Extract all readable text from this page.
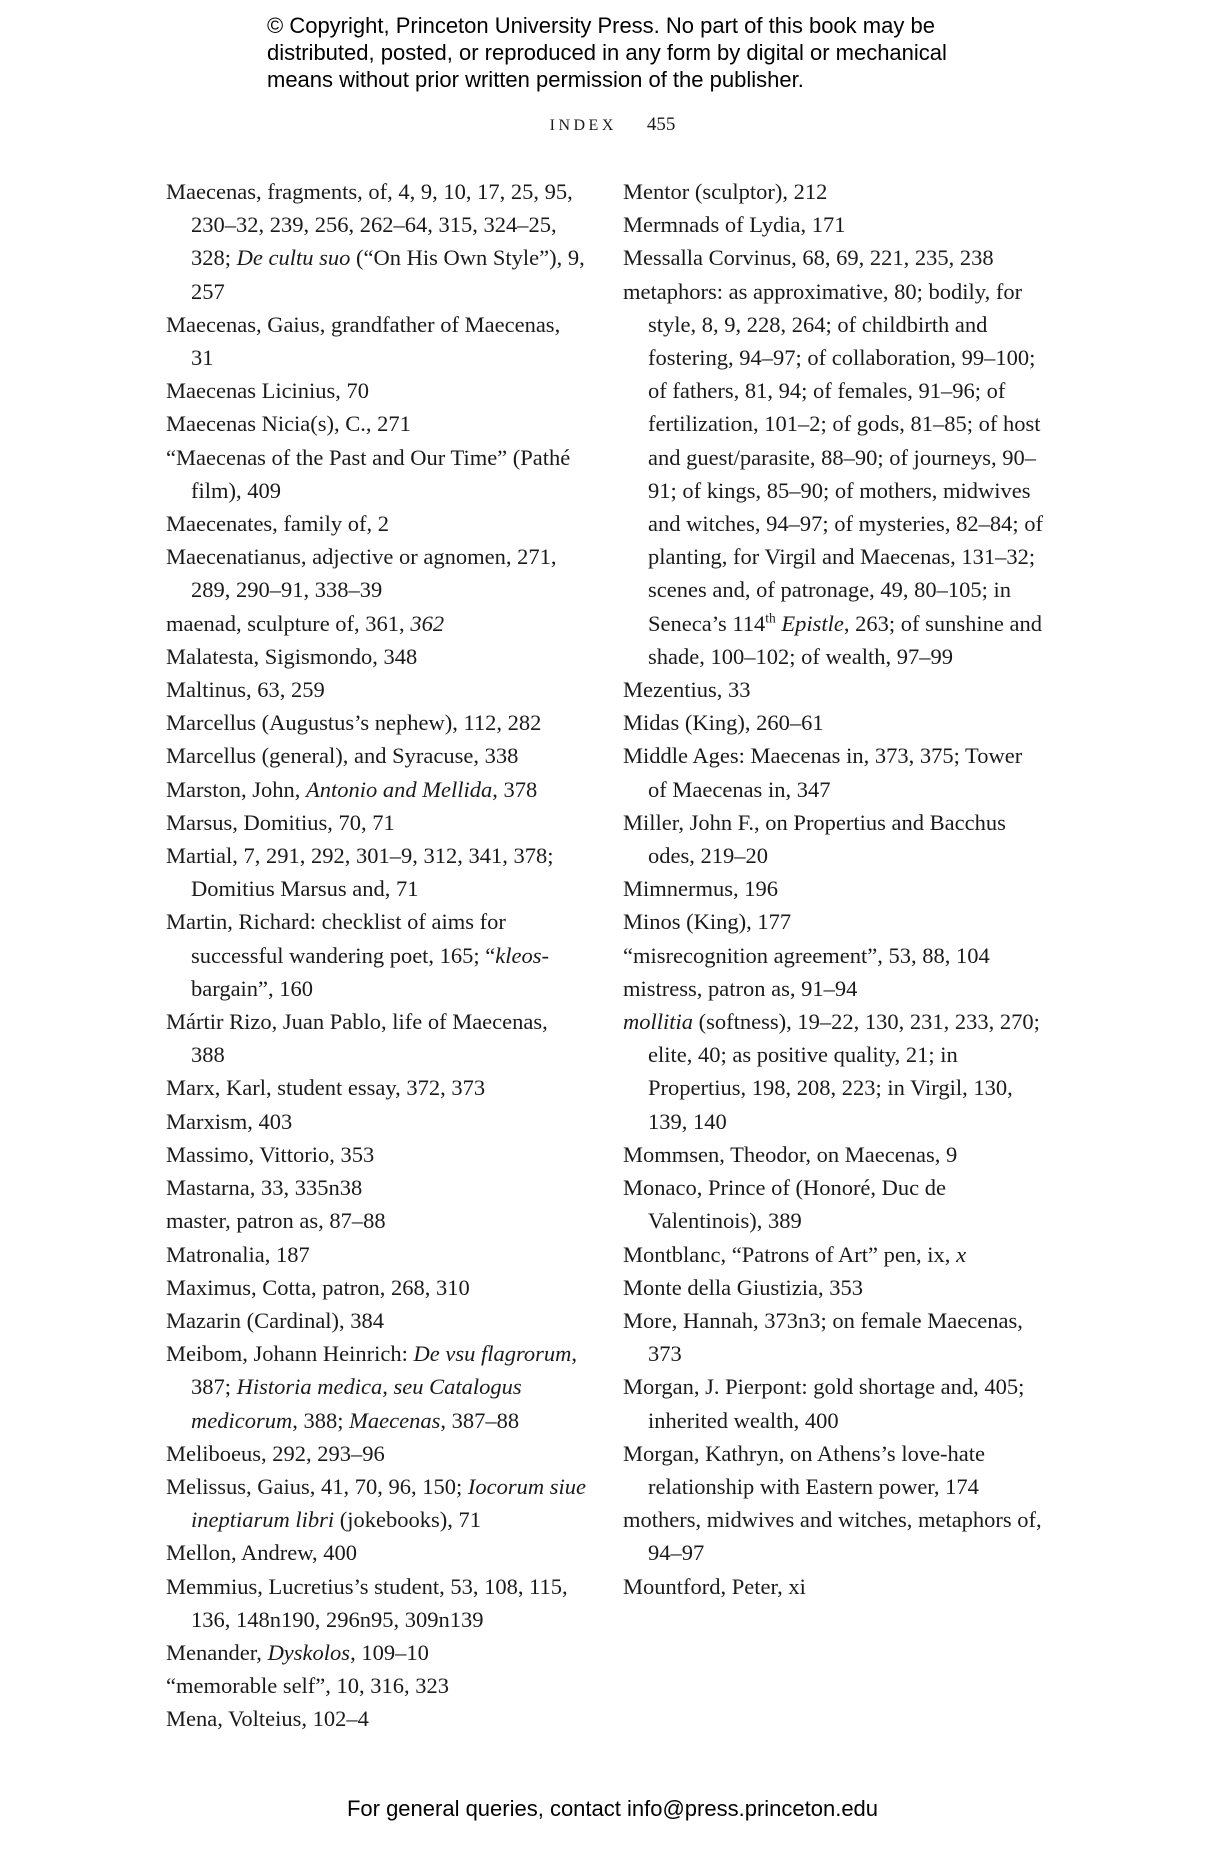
© Copyright, Princeton University Press. No part of this book may be
distributed, posted, or reproduced in any form by digital or mechanical
means without prior written permission of the publisher.
INDEX 455
Maecenas, fragments, of, 4, 9, 10, 17, 25, 95, 230–32, 239, 256, 262–64, 315, 324–25, 328; De cultu suo (“On His Own Style”), 9, 257
Maecenas, Gaius, grandfather of Maecenas, 31
Maecenas Licinius, 70
Maecenas Nicia(s), C., 271
“Maecenas of the Past and Our Time” (Pathé film), 409
Maecenates, family of, 2
Maecenatianus, adjective or agnomen, 271, 289, 290–91, 338–39
maenad, sculpture of, 361, 362
Malatesta, Sigismondo, 348
Maltinus, 63, 259
Marcellus (Augustus’s nephew), 112, 282
Marcellus (general), and Syracuse, 338
Marston, John, Antonio and Mellida, 378
Marsus, Domitius, 70, 71
Martial, 7, 291, 292, 301–9, 312, 341, 378; Domitius Marsus and, 71
Martin, Richard: checklist of aims for successful wandering poet, 165; “kleos-bargain”, 160
Mártir Rizo, Juan Pablo, life of Maecenas, 388
Marx, Karl, student essay, 372, 373
Marxism, 403
Massimo, Vittorio, 353
Mastarna, 33, 335n38
master, patron as, 87–88
Matronalia, 187
Maximus, Cotta, patron, 268, 310
Mazarin (Cardinal), 384
Meibom, Johann Heinrich: De vsu flagrorum, 387; Historia medica, seu Catalogus medicorum, 388; Maecenas, 387–88
Meliboeus, 292, 293–96
Melissus, Gaius, 41, 70, 96, 150; Iocorum siue ineptiarum libri (jokebooks), 71
Mellon, Andrew, 400
Memmius, Lucretius’s student, 53, 108, 115, 136, 148n190, 296n95, 309n139
Menander, Dyskolos, 109–10
“memorable self”, 10, 316, 323
Mena, Volteius, 102–4
Mentor (sculptor), 212
Mermnads of Lydia, 171
Messalla Corvinus, 68, 69, 221, 235, 238
metaphors: as approximative, 80; bodily, for style, 8, 9, 228, 264; of childbirth and fostering, 94–97; of collaboration, 99–100; of fathers, 81, 94; of females, 91–96; of fertilization, 101–2; of gods, 81–85; of host and guest/parasite, 88–90; of journeys, 90–91; of kings, 85–90; of mothers, midwives and witches, 94–97; of mysteries, 82–84; of planting, for Virgil and Maecenas, 131–32; scenes and, of patronage, 49, 80–105; in Seneca’s 114th Epistle, 263; of sunshine and shade, 100–102; of wealth, 97–99
Mezentius, 33
Midas (King), 260–61
Middle Ages: Maecenas in, 373, 375; Tower of Maecenas in, 347
Miller, John F., on Propertius and Bacchus odes, 219–20
Mimnermus, 196
Minos (King), 177
“misrecognition agreement”, 53, 88, 104
mistress, patron as, 91–94
mollitia (softness), 19–22, 130, 231, 233, 270; elite, 40; as positive quality, 21; in Propertius, 198, 208, 223; in Virgil, 130, 139, 140
Mommsen, Theodor, on Maecenas, 9
Monaco, Prince of (Honoré, Duc de Valentinois), 389
Montblanc, “Patrons of Art” pen, ix, x
Monte della Giustizia, 353
More, Hannah, 373n3; on female Maecenas, 373
Morgan, J. Pierpont: gold shortage and, 405; inherited wealth, 400
Morgan, Kathryn, on Athens’s love-hate relationship with Eastern power, 174
mothers, midwives and witches, metaphors of, 94–97
Mountford, Peter, xi
For general queries, contact info@press.princeton.edu
